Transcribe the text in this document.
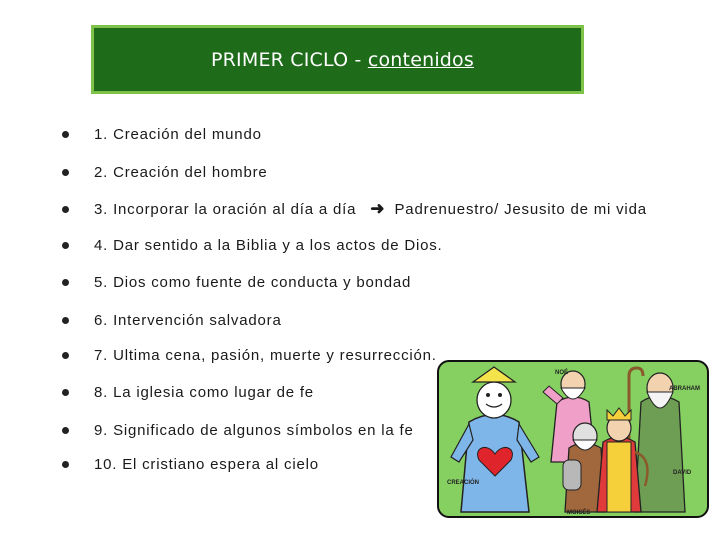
PRIMER CICLO - contenidos
1. Creación del mundo
2. Creación del hombre
3. Incorporar la oración al día a día ➜ Padrenuestro/ Jesusito de mi vida
4. Dar sentido a la Biblia y a los actos de Dios.
5. Dios como fuente de conducta y bondad
6. Intervención salvadora
7. Ultima cena, pasión, muerte y resurrección.
8. La iglesia como lugar de fe
9. Significado de algunos símbolos en la fe
10. El cristiano espera al cielo
CREACIÓN
NOÉ
ABRAHAM
MOISÉS
DAVID
